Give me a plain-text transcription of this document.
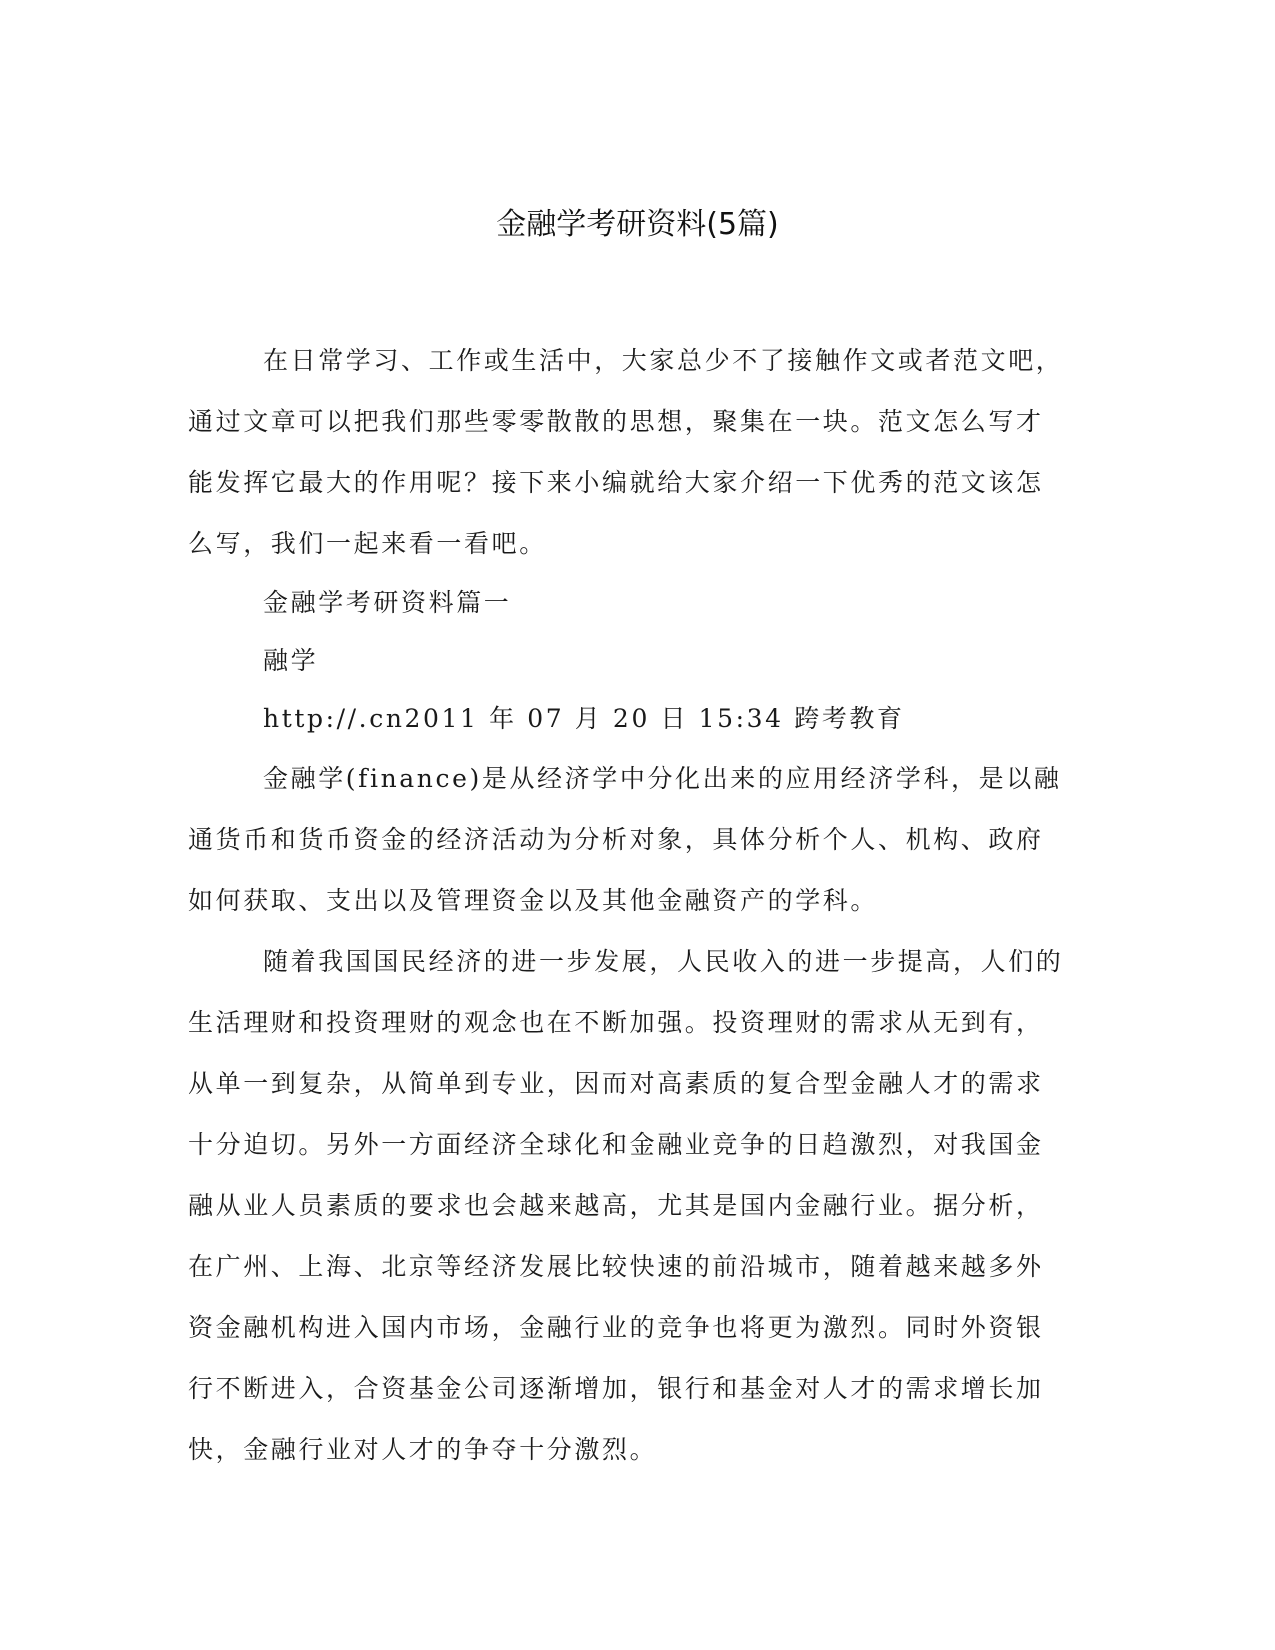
金融学考研资料(5篇)

在日常学习、工作或生活中，大家总少不了接触作文或者范文吧，通过文章可以把我们那些零零散散的思想，聚集在一块。范文怎么写才能发挥它最大的作用呢？接下来小编就给大家介绍一下优秀的范文该怎么写，我们一起来看一看吧。

金融学考研资料篇一

融学

http://.cn2011 年 07 月 20 日 15:34 跨考教育

金融学(finance)是从经济学中分化出来的应用经济学科，是以融通货币和货币资金的经济活动为分析对象，具体分析个人、机构、政府如何获取、支出以及管理资金以及其他金融资产的学科。

随着我国国民经济的进一步发展，人民收入的进一步提高，人们的生活理财和投资理财的观念也在不断加强。投资理财的需求从无到有，从单一到复杂，从简单到专业，因而对高素质的复合型金融人才的需求十分迫切。另外一方面经济全球化和金融业竞争的日趋激烈，对我国金融从业人员素质的要求也会越来越高，尤其是国内金融行业。据分析，在广州、上海、北京等经济发展比较快速的前沿城市，随着越来越多外资金融机构进入国内市场，金融行业的竞争也将更为激烈。同时外资银行不断进入，合资基金公司逐渐增加，银行和基金对人才的需求增长加快，金融行业对人才的争夺十分激烈。
